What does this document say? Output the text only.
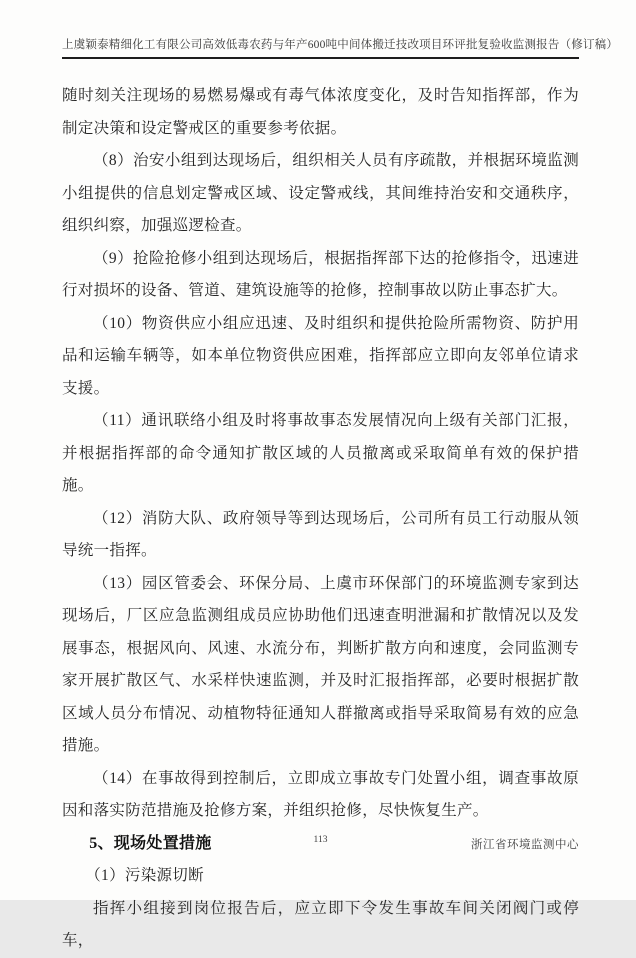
上虞颖泰精细化工有限公司高效低毒农药与年产600吨中间体搬迁技改项目环评批复验收监测报告（修订稿）

随时刻关注现场的易燃易爆或有毒气体浓度变化，及时告知指挥部，作为制定决策和设定警戒区的重要参考依据。

（8）治安小组到达现场后，组织相关人员有序疏散，并根据环境监测小组提供的信息划定警戒区域、设定警戒线，其间维持治安和交通秩序，组织纠察，加强巡逻检查。

（9）抢险抢修小组到达现场后，根据指挥部下达的抢修指令，迅速进行对损坏的设备、管道、建筑设施等的抢修，控制事故以防止事态扩大。

（10）物资供应小组应迅速、及时组织和提供抢险所需物资、防护用品和运输车辆等，如本单位物资供应困难，指挥部应立即向友邻单位请求支援。

（11）通讯联络小组及时将事故事态发展情况向上级有关部门汇报，并根据指挥部的命令通知扩散区域的人员撤离或采取简单有效的保护措施。

（12）消防大队、政府领导等到达现场后，公司所有员工行动服从领导统一指挥。

（13）园区管委会、环保分局、上虞市环保部门的环境监测专家到达现场后，厂区应急监测组成员应协助他们迅速查明泄漏和扩散情况以及发展事态，根据风向、风速、水流分布，判断扩散方向和速度，会同监测专家开展扩散区气、水采样快速监测，并及时汇报指挥部，必要时根据扩散区域人员分布情况、动植物特征通知人群撤离或指导采取简易有效的应急措施。

（14）在事故得到控制后，立即成立事故专门处置小组，调查事故原因和落实防范措施及抢修方案，并组织抢修，尽快恢复生产。

5、现场处置措施

（1）污染源切断

指挥小组接到岗位报告后，应立即下令发生事故车间关闭阀门或停车，

113	浙江省环境监测中心
